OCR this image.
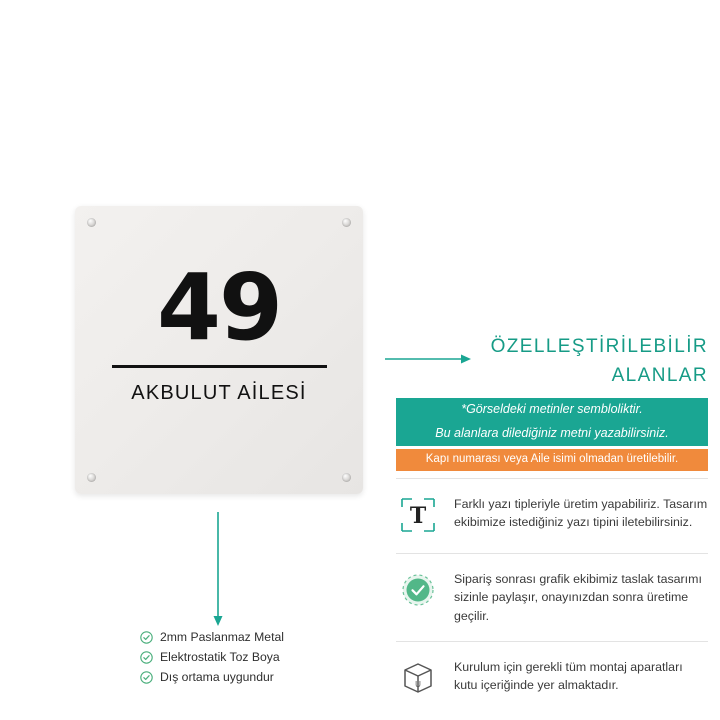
49
AKBULUT AİLESİ
ÖZELLEŞTİRİLEBİLİR
ALANLAR
*Görseldeki metinler sembloliktir.
Bu alanlara dilediğiniz metni yazabilirsiniz.
Kapı numarası veya Aile isimi olmadan üretilebilir.
T Farklı yazı tipleriyle üretim yapabiliriz. Tasarım ekibimize istediğiniz yazı tipini iletebilirsiniz.
Sipariş sonrası grafik ekibimiz taslak tasarımı sizinle paylaşır, onayınızdan sonra üretime geçilir.
U
Kurulum için gerekli tüm montaj aparatları kutu içeriğinde yer almaktadır.
2mm Paslanmaz Metal
Elektrostatik Toz Boya
Dış ortama uygundur
